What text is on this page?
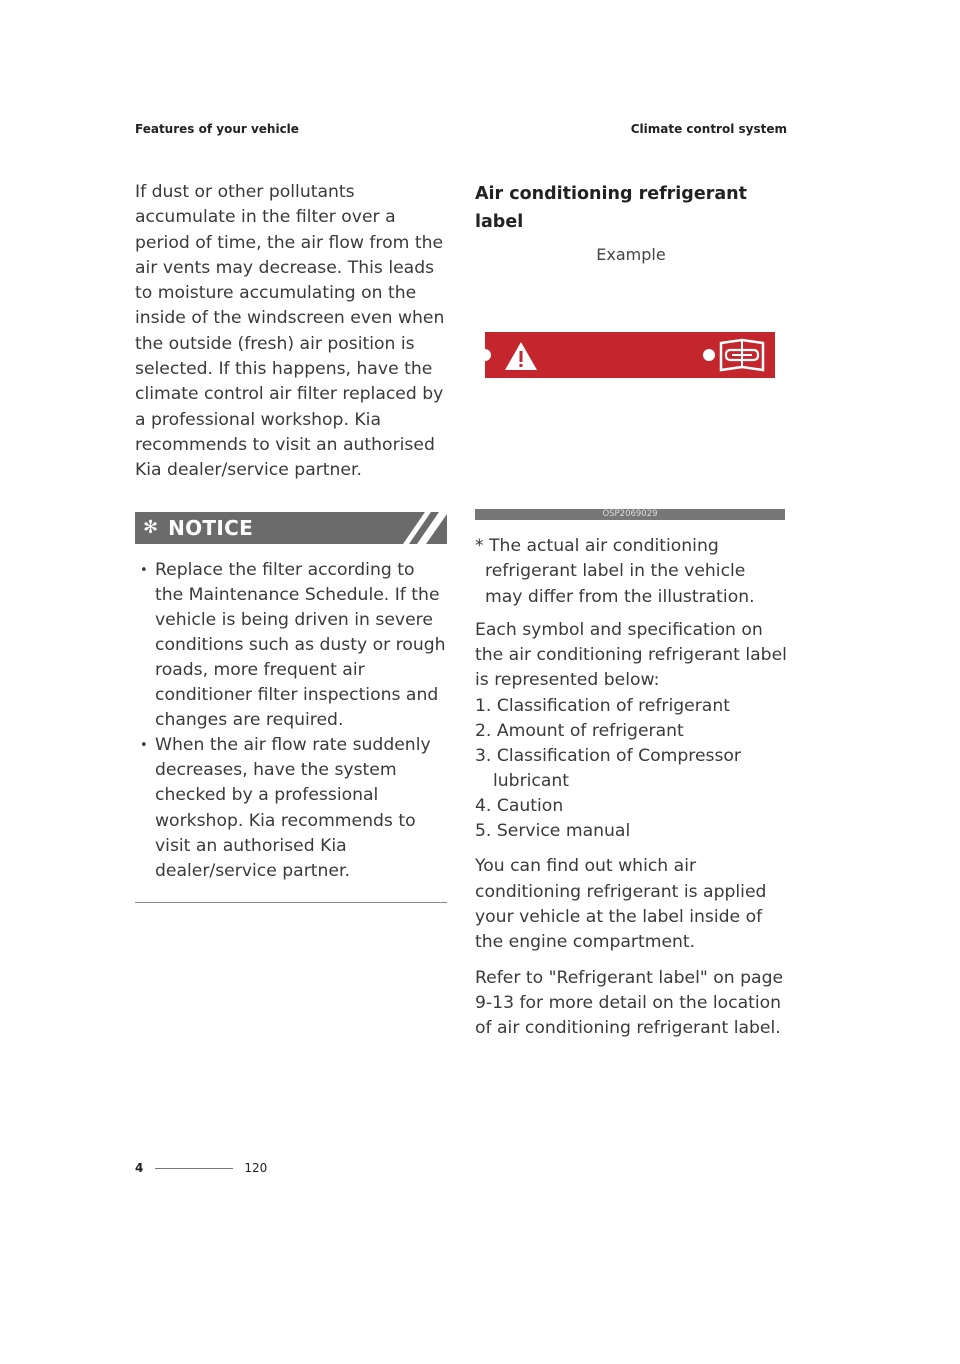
Features of your vehicle	Climate control system

If dust or other pollutants accumulate in the filter over a period of time, the air flow from the air vents may decrease. This leads to moisture accumulating on the inside of the windscreen even when the outside (fresh) air position is selected. If this happens, have the climate control air filter replaced by a professional workshop. Kia recommends to visit an authorised Kia dealer/service partner.

✻ NOTICE
• Replace the filter according to the Maintenance Schedule. If the vehicle is being driven in severe conditions such as dusty or rough roads, more frequent air conditioner filter inspections and changes are required.
• When the air flow rate suddenly decreases, have the system checked by a professional workshop. Kia recommends to visit an authorised Kia dealer/service partner.
Air conditioning refrigerant label
Example
OSP2069029

* The actual air conditioning refrigerant label in the vehicle may differ from the illustration.

Each symbol and specification on the air conditioning refrigerant label is represented below:

1. Classification of refrigerant
2. Amount of refrigerant
3. Classification of Compressor lubricant
4. Caution
5. Service manual

You can find out which air conditioning refrigerant is applied your vehicle at the label inside of the engine compartment.

Refer to "Refrigerant label" on page 9-13 for more detail on the location of air conditioning refrigerant label.

4	120
